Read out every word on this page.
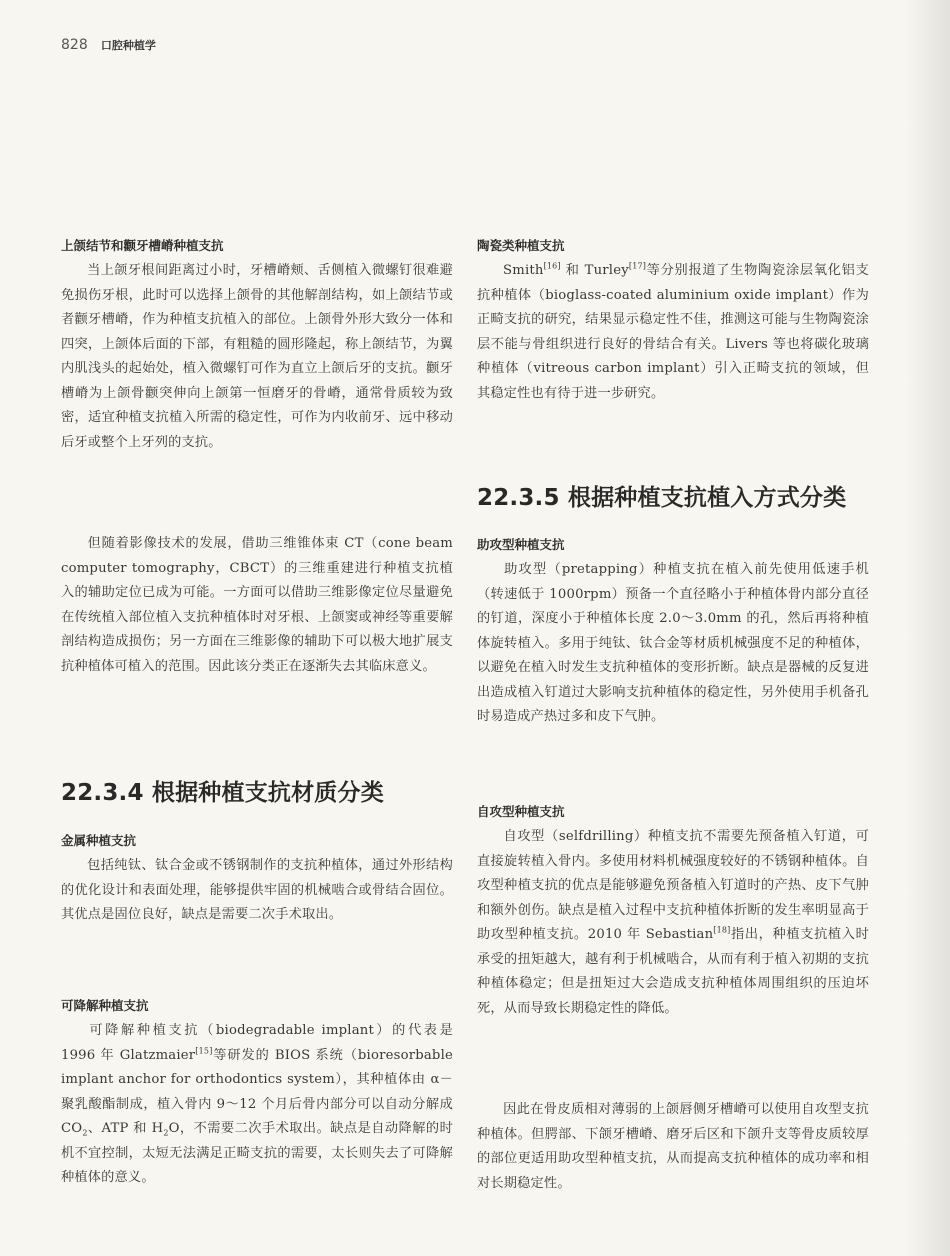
828 口腔种植学
上颌结节和颧牙槽嵴种植支抗

当上颌牙根间距离过小时，牙槽嵴颊、舌侧植入微螺钉很难避免损伤牙根，此时可以选择上颌骨的其他解剖结构，如上颌结节或者颧牙槽嵴，作为种植支抗植入的部位。上颌骨外形大致分一体和四突，上颌体后面的下部，有粗糙的圆形隆起，称上颌结节，为翼内肌浅头的起始处，植入微螺钉可作为直立上颌后牙的支抗。颧牙槽嵴为上颌骨颧突伸向上颌第一恒磨牙的骨嵴，通常骨质较为致密，适宜种植支抗植入所需的稳定性，可作为内收前牙、远中移动后牙或整个上牙列的支抗。

但随着影像技术的发展，借助三维锥体束 CT（cone beam computer tomography，CBCT）的三维重建进行种植支抗植入的辅助定位已成为可能。一方面可以借助三维影像定位尽量避免在传统植入部位植入支抗种植体时对牙根、上颌窦或神经等重要解剖结构造成损伤；另一方面在三维影像的辅助下可以极大地扩展支抗种植体可植入的范围。因此该分类正在逐渐失去其临床意义。

22.3.4 根据种植支抗材质分类
金属种植支抗

包括纯钛、钛合金或不锈钢制作的支抗种植体，通过外形结构的优化设计和表面处理，能够提供牢固的机械啮合或骨结合固位。其优点是固位良好，缺点是需要二次手术取出。

可降解种植支抗

可降解种植支抗（biodegradable implant）的代表是 1996 年 Glatzmaier[15]等研发的 BIOS 系统（bioresorbable implant anchor for orthodontics system），其种植体由 α－聚乳酸酯制成，植入骨内 9～12 个月后骨内部分可以自动分解成 $CO_2$、ATP 和 $H_2O$，不需要二次手术取出。缺点是自动降解的时机不宜控制，太短无法满足正畸支抗的需要，太长则失去了可降解种植体的意义。

陶瓷类种植支抗

Smith[16] 和 Turley[17]等分别报道了生物陶瓷涂层氧化铝支抗种植体（bioglass-coated aluminium oxide implant）作为正畸支抗的研究，结果显示稳定性不佳，推测这可能与生物陶瓷涂层不能与骨组织进行良好的骨结合有关。Livers 等也将碳化玻璃种植体（vitreous carbon implant）引入正畸支抗的领域，但其稳定性也有待于进一步研究。

22.3.5 根据种植支抗植入方式分类
助攻型种植支抗

助攻型（pretapping）种植支抗在植入前先使用低速手机（转速低于 1000rpm）预备一个直径略小于种植体骨内部分直径的钉道，深度小于种植体长度 2.0～3.0mm 的孔，然后再将种植体旋转植入。多用于纯钛、钛合金等材质机械强度不足的种植体，以避免在植入时发生支抗种植体的变形折断。缺点是器械的反复进出造成植入钉道过大影响支抗种植体的稳定性，另外使用手机备孔时易造成产热过多和皮下气肿。

自攻型种植支抗

自攻型（selfdrilling）种植支抗不需要先预备植入钉道，可直接旋转植入骨内。多使用材料机械强度较好的不锈钢种植体。自攻型种植支抗的优点是能够避免预备植入钉道时的产热、皮下气肿和额外创伤。缺点是植入过程中支抗种植体折断的发生率明显高于助攻型种植支抗。2010 年 Sebastian[18]指出，种植支抗植入时承受的扭矩越大，越有利于机械啮合，从而有利于植入初期的支抗种植体稳定；但是扭矩过大会造成支抗种植体周围组织的压迫坏死，从而导致长期稳定性的降低。

因此在骨皮质相对薄弱的上颌唇侧牙槽嵴可以使用自攻型支抗种植体。但腭部、下颌牙槽嵴、磨牙后区和下颌升支等骨皮质较厚的部位更适用助攻型种植支抗，从而提高支抗种植体的成功率和相对长期稳定性。
